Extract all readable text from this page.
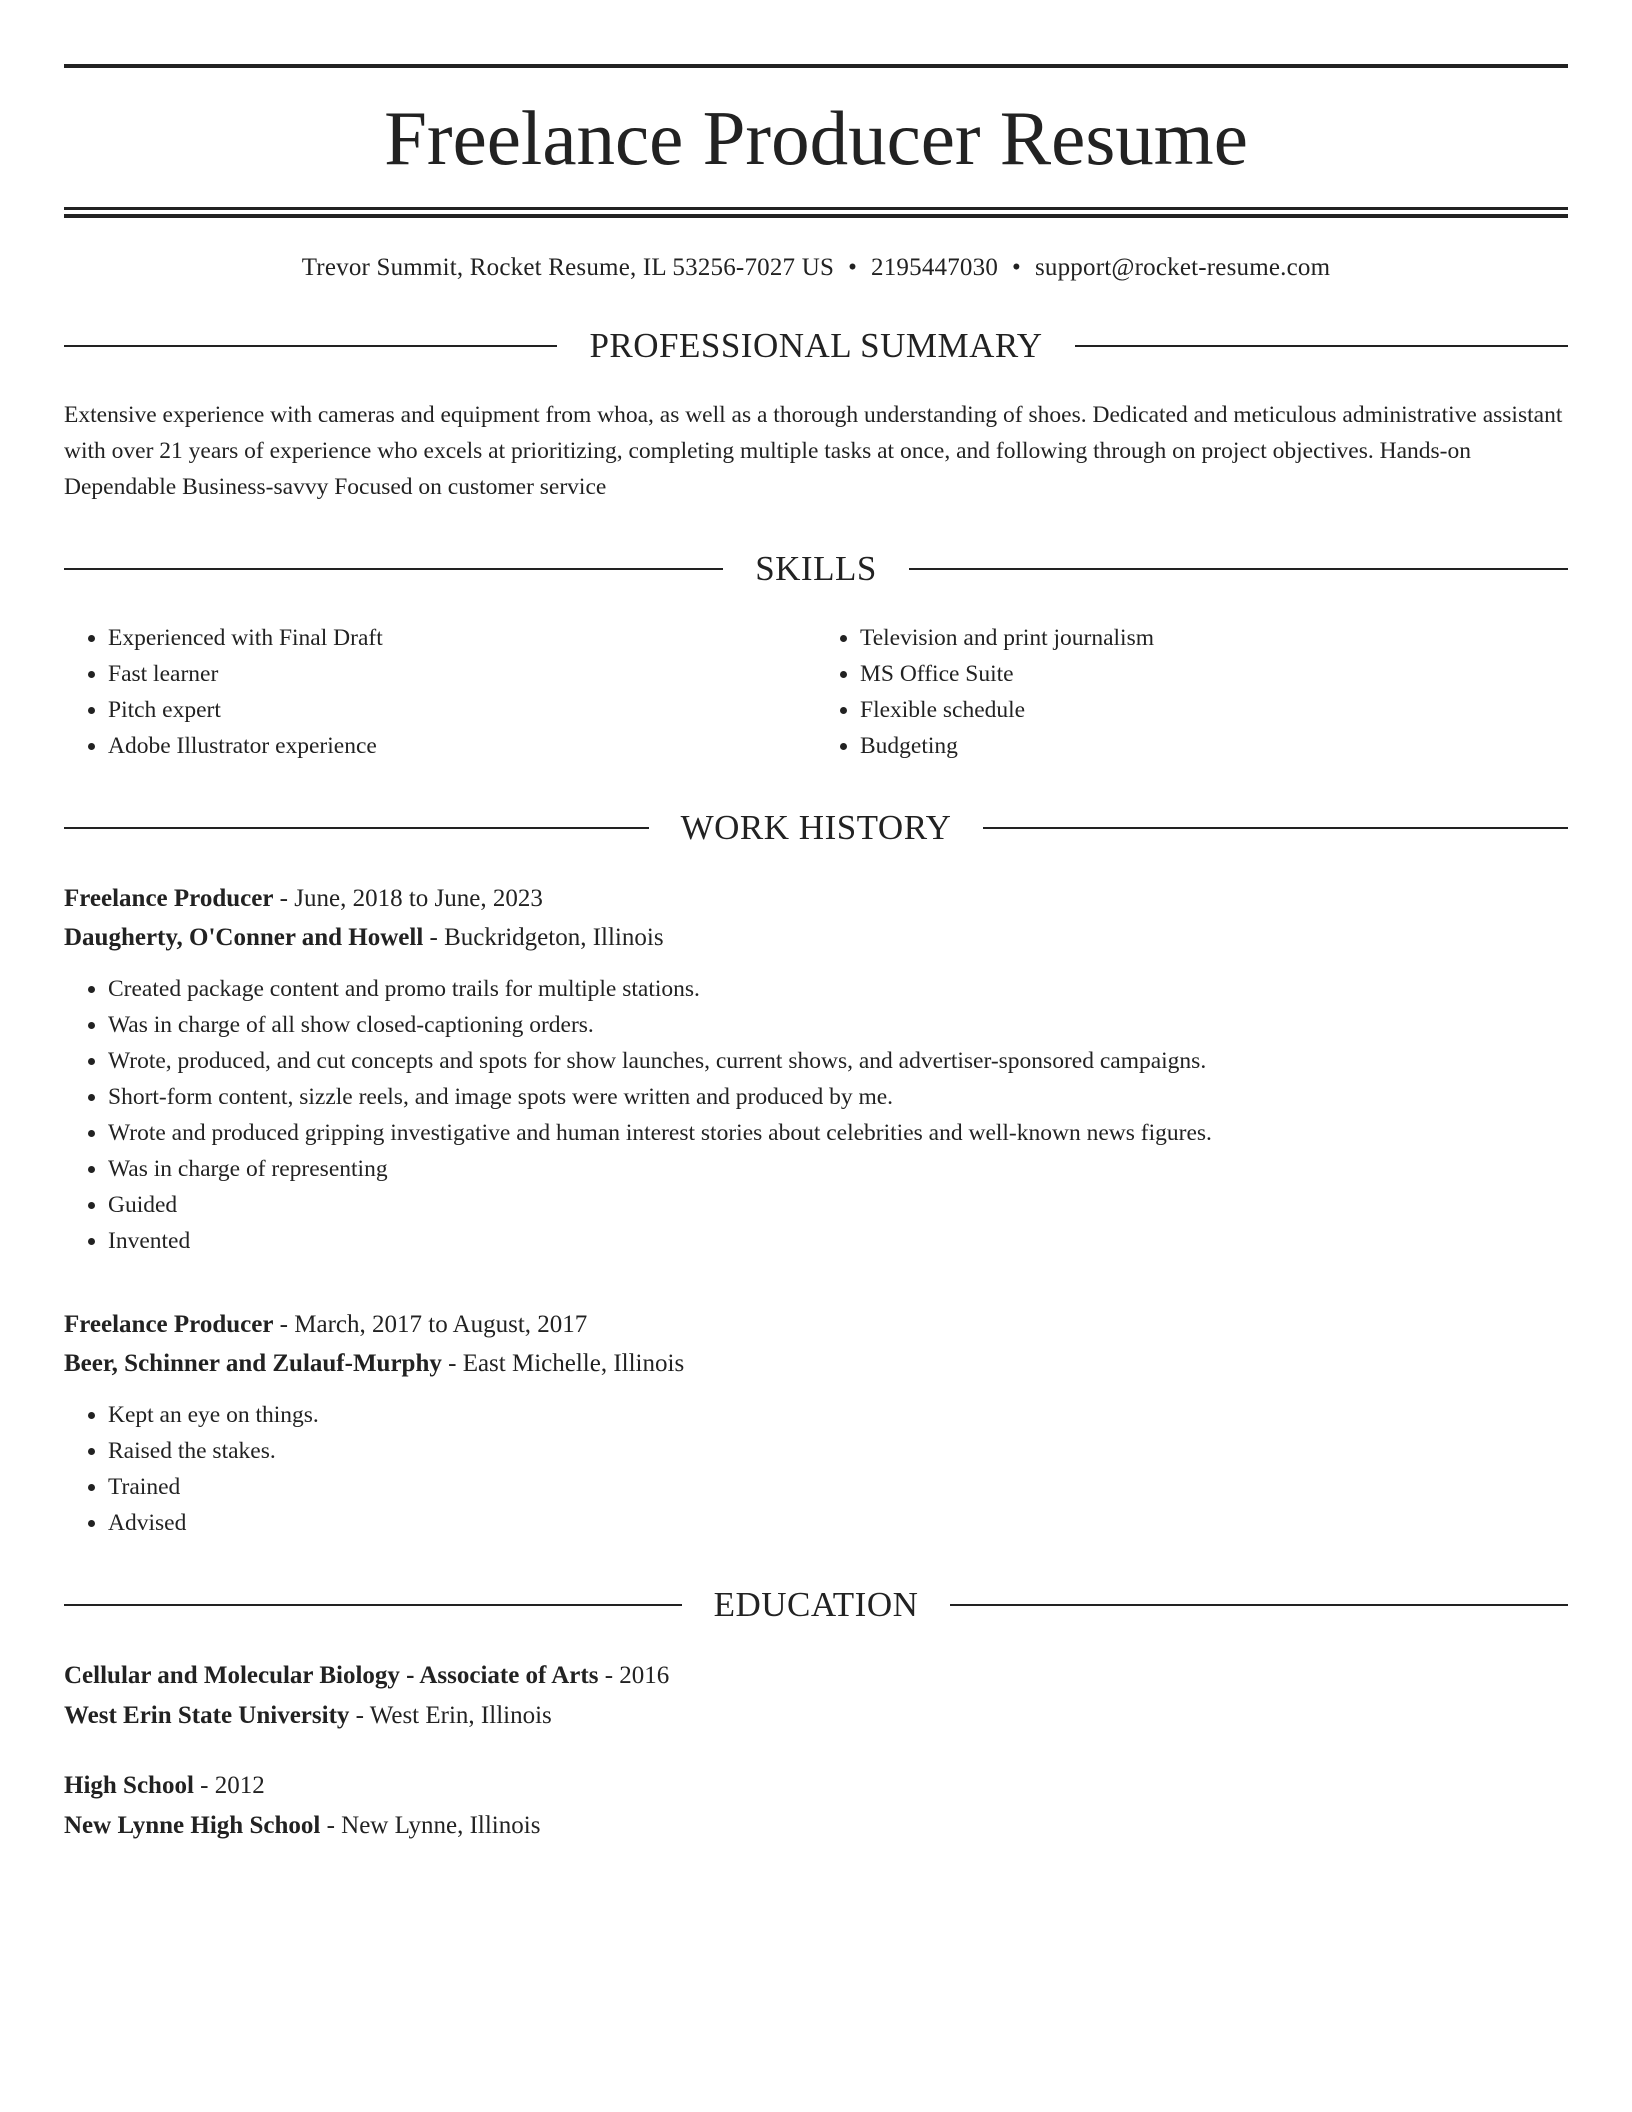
Freelance Producer Resume
Trevor Summit, Rocket Resume, IL 53256-7027 US • 2195447030 • support@rocket-resume.com
PROFESSIONAL SUMMARY
Extensive experience with cameras and equipment from whoa, as well as a thorough understanding of shoes. Dedicated and meticulous administrative assistant with over 21 years of experience who excels at prioritizing, completing multiple tasks at once, and following through on project objectives. Hands-on Dependable Business-savvy Focused on customer service
SKILLS
• Experienced with Final Draft
• Fast learner
• Pitch expert
• Adobe Illustrator experience
• Television and print journalism
• MS Office Suite
• Flexible schedule
• Budgeting
WORK HISTORY
Freelance Producer - June, 2018 to June, 2023
Daugherty, O'Conner and Howell - Buckridgeton, Illinois
• Created package content and promo trails for multiple stations.
• Was in charge of all show closed-captioning orders.
• Wrote, produced, and cut concepts and spots for show launches, current shows, and advertiser-sponsored campaigns.
• Short-form content, sizzle reels, and image spots were written and produced by me.
• Wrote and produced gripping investigative and human interest stories about celebrities and well-known news figures.
• Was in charge of representing
• Guided
• Invented
Freelance Producer - March, 2017 to August, 2017
Beer, Schinner and Zulauf-Murphy - East Michelle, Illinois
• Kept an eye on things.
• Raised the stakes.
• Trained
• Advised
EDUCATION
Cellular and Molecular Biology - Associate of Arts - 2016
West Erin State University - West Erin, Illinois
High School - 2012
New Lynne High School - New Lynne, Illinois
